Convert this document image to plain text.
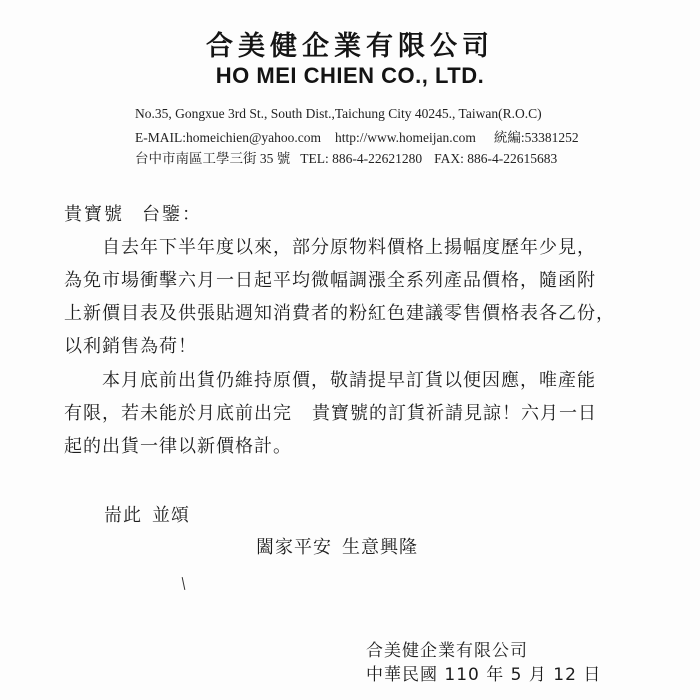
合美健企業有限公司
HO MEI CHIEN CO., LTD.
No.35, Gongxue 3rd St., South Dist.,Taichung City 40245., Taiwan(R.O.C)
E-MAIL:homeichien@yahoo.com http://www.homeijan.com 統編:53381252
台中市南區工學三街 35 號 TEL: 886-4-22621280 FAX: 886-4-22615683
貴寶號 台鑒：
自去年下半年度以來，部分原物料價格上揚幅度歷年少見，
為免市場衝擊六月一日起平均微幅調漲全系列產品價格，隨函附
上新價目表及供張貼週知消費者的粉紅色建議零售價格表各乙份，
以利銷售為荷！
本月底前出貨仍維持原價，敬請提早訂貨以便因應，唯產能
有限，若未能於月底前出完 貴寶號的訂貨祈請見諒！六月一日
起的出貨一律以新價格計。
耑此 並頌
闔家平安 生意興隆
合美健企業有限公司
中華民國 110 年 5 月 12 日
